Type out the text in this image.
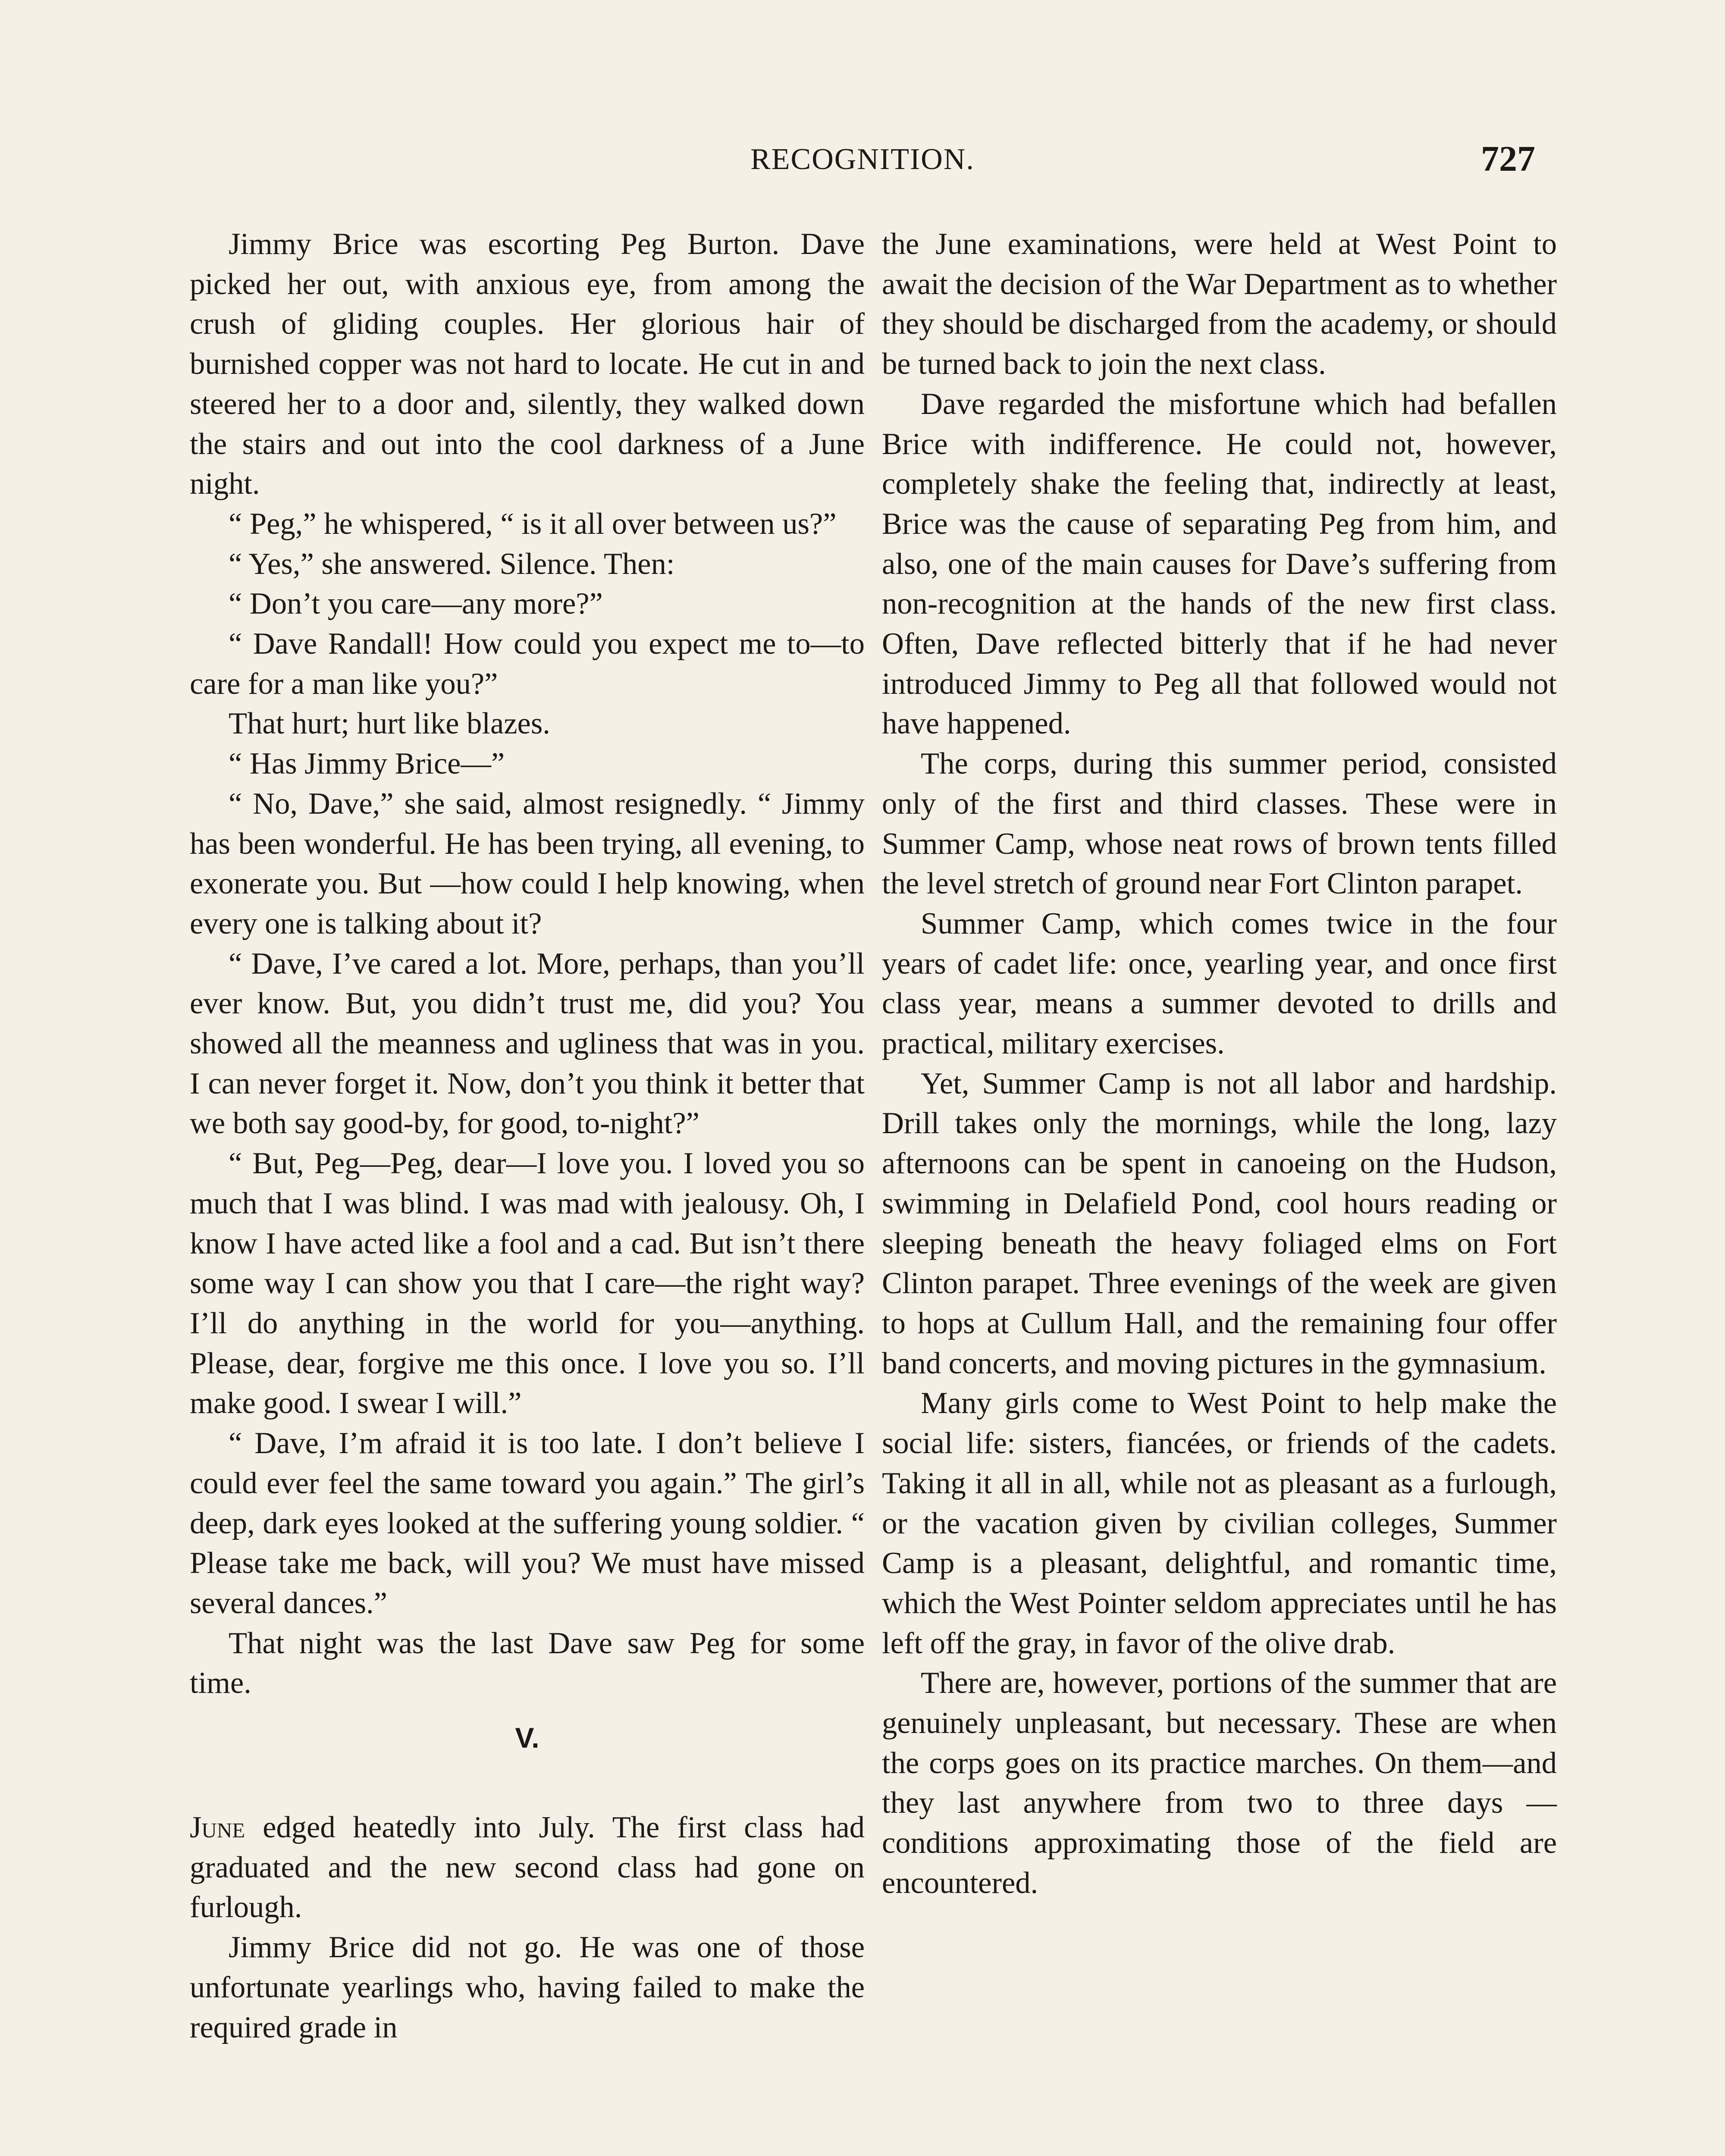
RECOGNITION.	727

Jimmy Brice was escorting Peg Burton. Dave picked her out, with anxious eye, from among the crush of gliding couples. Her glorious hair of burnished copper was not hard to locate. He cut in and steered her to a door and, silently, they walked down the stairs and out into the cool darkness of a June night.

“ Peg,” he whispered, “ is it all over between us?”

“ Yes,” she answered. Silence. Then:

“ Don’t you care—any more?”

“ Dave Randall! How could you expect me to—to care for a man like you?”

That hurt; hurt like blazes.

“ Has Jimmy Brice—”

“ No, Dave,” she said, almost resignedly. “ Jimmy has been wonderful. He has been trying, all evening, to exonerate you. But —how could I help knowing, when every one is talking about it?

“ Dave, I’ve cared a lot. More, perhaps, than you’ll ever know. But, you didn’t trust me, did you? You showed all the meanness and ugliness that was in you. I can never forget it. Now, don’t you think it better that we both say good-by, for good, to-night?”

“ But, Peg—Peg, dear—I love you. I loved you so much that I was blind. I was mad with jealousy. Oh, I know I have acted like a fool and a cad. But isn’t there some way I can show you that I care—the right way? I’ll do anything in the world for you—anything. Please, dear, forgive me this once. I love you so. I’ll make good. I swear I will.”

“ Dave, I’m afraid it is too late. I don’t believe I could ever feel the same toward you again.” The girl’s deep, dark eyes looked at the suffering young soldier. “ Please take me back, will you? We must have missed several dances.”

That night was the last Dave saw Peg for some time.

V.

June edged heatedly into July. The first class had graduated and the new second class had gone on furlough.

Jimmy Brice did not go. He was one of those unfortunate yearlings who, having failed to make the required grade in

the June examinations, were held at West Point to await the decision of the War Department as to whether they should be discharged from the academy, or should be turned back to join the next class.

Dave regarded the misfortune which had befallen Brice with indifference. He could not, however, completely shake the feeling that, indirectly at least, Brice was the cause of separating Peg from him, and also, one of the main causes for Dave’s suffering from non-recognition at the hands of the new first class. Often, Dave reflected bitterly that if he had never introduced Jimmy to Peg all that followed would not have happened.

The corps, during this summer period, consisted only of the first and third classes. These were in Summer Camp, whose neat rows of brown tents filled the level stretch of ground near Fort Clinton parapet.

Summer Camp, which comes twice in the four years of cadet life: once, yearling year, and once first class year, means a summer devoted to drills and practical, military exercises.

Yet, Summer Camp is not all labor and hardship. Drill takes only the mornings, while the long, lazy afternoons can be spent in canoeing on the Hudson, swimming in Delafield Pond, cool hours reading or sleeping beneath the heavy foliaged elms on Fort Clinton parapet. Three evenings of the week are given to hops at Cullum Hall, and the remaining four offer band concerts, and moving pictures in the gymnasium.

Many girls come to West Point to help make the social life: sisters, fiancées, or friends of the cadets. Taking it all in all, while not as pleasant as a furlough, or the vacation given by civilian colleges, Summer Camp is a pleasant, delightful, and romantic time, which the West Pointer seldom appreciates until he has left off the gray, in favor of the olive drab.

There are, however, portions of the summer that are genuinely unpleasant, but necessary. These are when the corps goes on its practice marches. On them—and they last anywhere from two to three days —conditions approximating those of the field are encountered.
